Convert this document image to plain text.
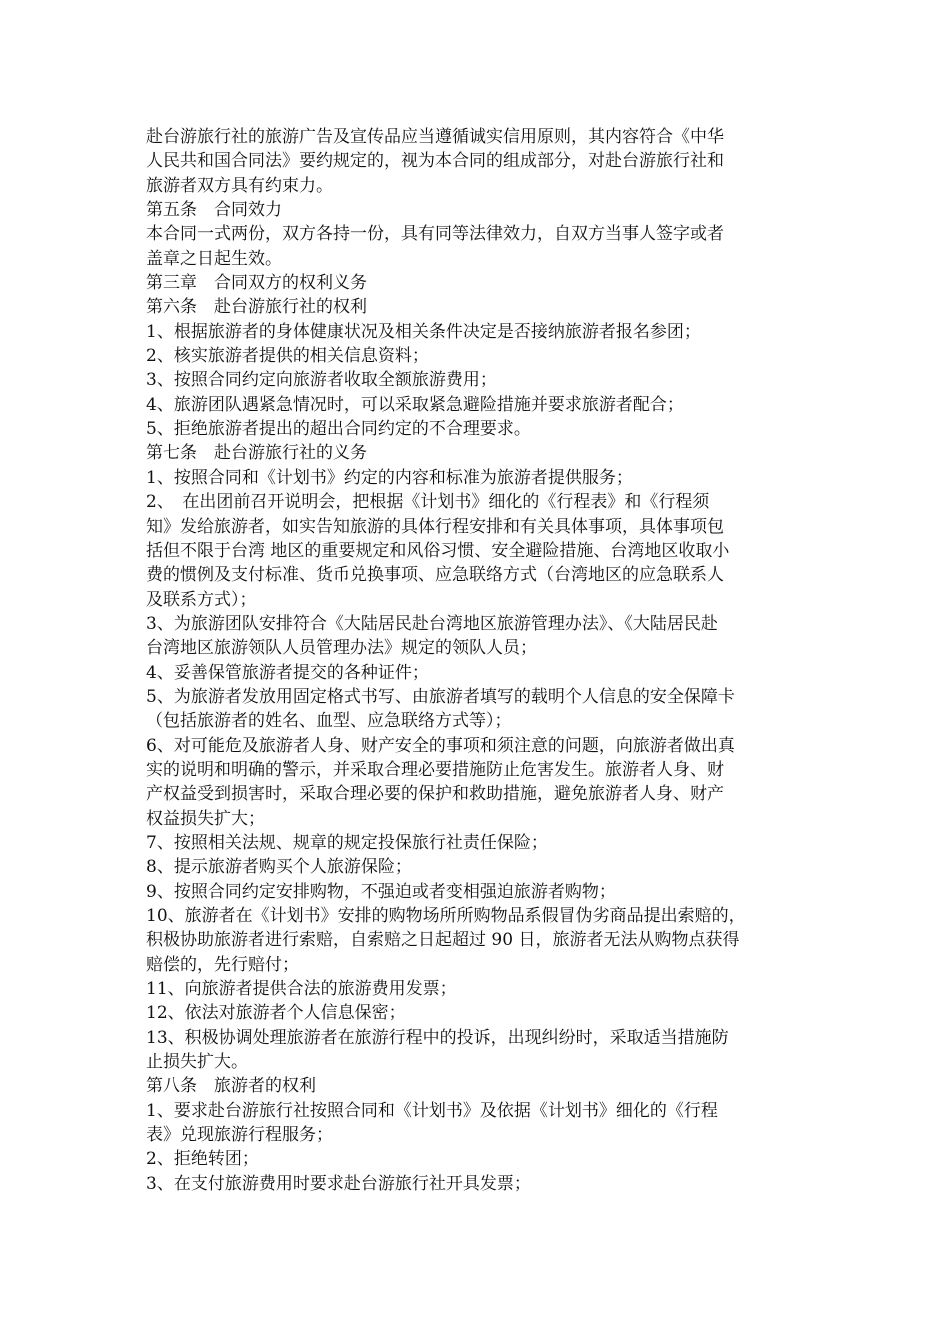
赴台游旅行社的旅游广告及宣传品应当遵循诚实信用原则，其内容符合《中华
人民共和国合同法》要约规定的，视为本合同的组成部分，对赴台游旅行社和
旅游者双方具有约束力。
第五条　合同效力
本合同一式两份，双方各持一份，具有同等法律效力，自双方当事人签字或者
盖章之日起生效。
第三章　合同双方的权利义务
第六条　赴台游旅行社的权利
1、根据旅游者的身体健康状况及相关条件决定是否接纳旅游者报名参团；
2、核实旅游者提供的相关信息资料；
3、按照合同约定向旅游者收取全额旅游费用；
4、旅游团队遇紧急情况时，可以采取紧急避险措施并要求旅游者配合；
5、拒绝旅游者提出的超出合同约定的不合理要求。
第七条　赴台游旅行社的义务
1、按照合同和《计划书》约定的内容和标准为旅游者提供服务；
2、　在出团前召开说明会，把根据《计划书》细化的《行程表》和《行程须
知》发给旅游者，如实告知旅游的具体行程安排和有关具体事项，具体事项包
括但不限于台湾 地区的重要规定和风俗习惯、安全避险措施、台湾地区收取小
费的惯例及支付标准、货币兑换事项、应急联络方式（台湾地区的应急联系人
及联系方式）；
3、为旅游团队安排符合《大陆居民赴台湾地区旅游管理办法》、《大陆居民赴
台湾地区旅游领队人员管理办法》规定的领队人员；
4、妥善保管旅游者提交的各种证件；
5、为旅游者发放用固定格式书写、由旅游者填写的载明个人信息的安全保障卡
（包括旅游者的姓名、血型、应急联络方式等）；
6、对可能危及旅游者人身、财产安全的事项和须注意的问题，向旅游者做出真
实的说明和明确的警示，并采取合理必要措施防止危害发生。旅游者人身、财
产权益受到损害时，采取合理必要的保护和救助措施，避免旅游者人身、财产
权益损失扩大；
7、按照相关法规、规章的规定投保旅行社责任保险；
8、提示旅游者购买个人旅游保险；
9、按照合同约定安排购物，不强迫或者变相强迫旅游者购物；
10、旅游者在《计划书》安排的购物场所所购物品系假冒伪劣商品提出索赔的，
积极协助旅游者进行索赔，自索赔之日起超过 90 日，旅游者无法从购物点获得
赔偿的，先行赔付；
11、向旅游者提供合法的旅游费用发票；
12、依法对旅游者个人信息保密；
13、积极协调处理旅游者在旅游行程中的投诉，出现纠纷时，采取适当措施防
止损失扩大。
第八条　旅游者的权利
1、要求赴台游旅行社按照合同和《计划书》及依据《计划书》细化的《行程
表》兑现旅游行程服务；
2、拒绝转团；
3、在支付旅游费用时要求赴台游旅行社开具发票；
